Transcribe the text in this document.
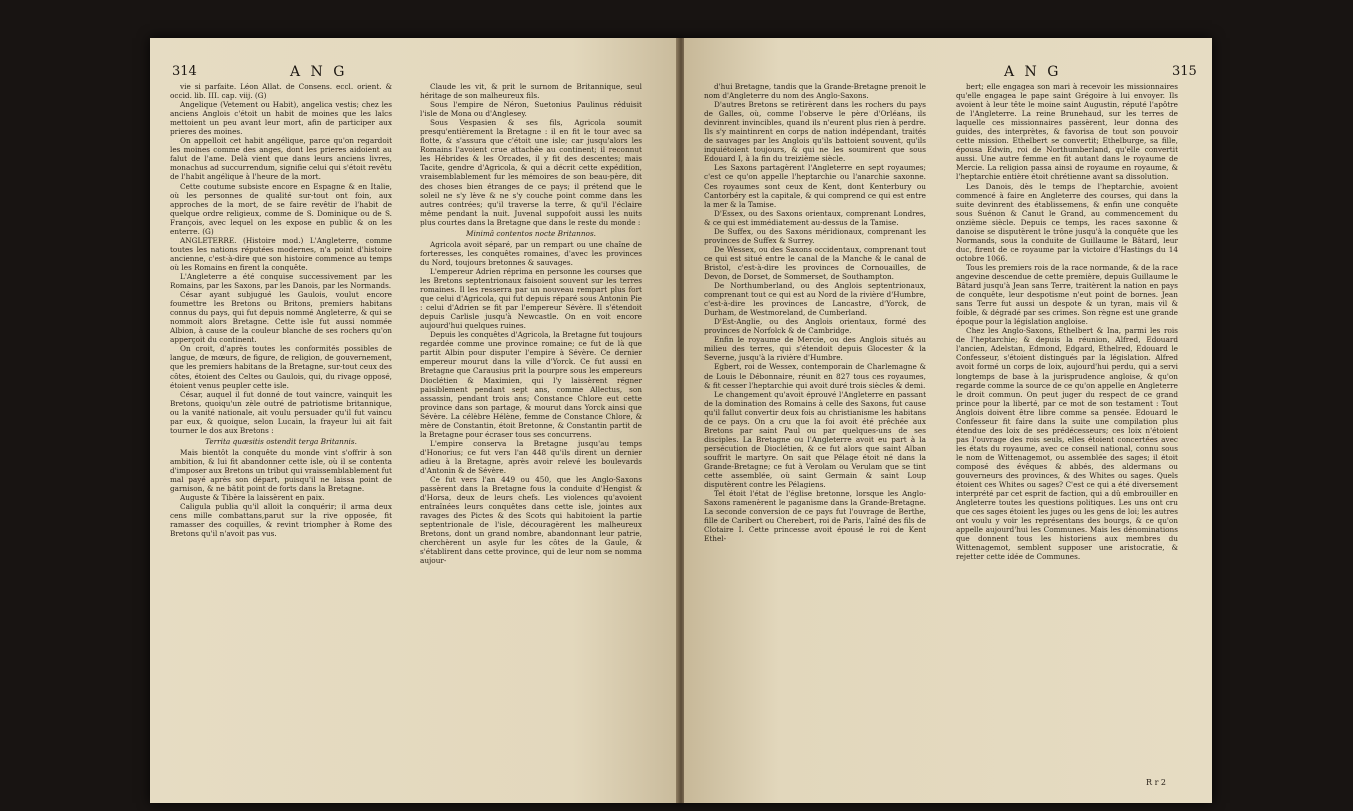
314	A N G

vie si parfaite. Léon Allat. de Consens. eccl. orient. & occid. lib. III. cap. viij. (G)

Angelique (Vetement ou Habit), angelica vestis; chez les anciens Anglois c'étoit un habit de moines que les laïcs mettoient un peu avant leur mort, afin de participer aux prieres des moines.

On appelloit cet habit angélique, parce qu'on regardoit les moines comme des anges, dont les prieres aidoient au falut de l'ame. Delà vient que dans leurs anciens livres, monachus ad succurrendum, signifie celui qui s'étoit revêtu de l'habit angélique à l'heure de la mort.

Cette coutume subsiste encore en Espagne & en Italie, où les personnes de qualité sur-tout ont foin, aux approches de la mort, de se faire revêtir de l'habit de quelque ordre religieux, comme de S. Dominique ou de S. François, avec lequel on les expose en public & on les enterre. (G)

ANGLETERRE. (Histoire mod.) L'Angleterre, comme toutes les nations réputées modernes, n'a point d'histoire ancienne, c'est-à-dire que son histoire commence au temps où les Romains en firent la conquête.

L'Angleterre a été conquise successivement par les Romains, par les Saxons, par les Danois, par les Normands.

César ayant subjugué les Gaulois, voulut encore foumettre les Bretons ou Britons, premiers habitans connus du pays, qui fut depuis nommé Angleterre, & qui se nommoit alors Bretagne. Cette isle fut aussi nommée Albion, à cause de la couleur blanche de ses rochers qu'on apperçoit du continent.

On croit, d'après toutes les conformités possibles de langue, de mœurs, de figure, de religion, de gouvernement, que les premiers habitans de la Bretagne, sur-tout ceux des côtes, étoient des Celtes ou Gaulois, qui, du rivage opposé, étoient venus peupler cette isle.

César, auquel il fut donné de tout vaincre, vainquit les Bretons, quoiqu'un zèle outré de patriotisme britannique, ou la vanité nationale, ait voulu persuader qu'il fut vaincu par eux, & quoique, selon Lucain, la frayeur lui ait fait tourner le dos aux Bretons :

Territa quæsitis ostendit terga Britannis.

Mais bientôt la conquête du monde vint s'offrir à son ambition, & lui fit abandonner cette isle, où il se contenta d'imposer aux Bretons un tribut qui vraissemblablement fut mal payé après son départ, puisqu'il ne laissa point de garnison, & ne bâtit point de forts dans la Bretagne.

Auguste & Tibère la laissèrent en paix.

Caligula publia qu'il alloit la conquérir; il arma deux cens mille combattans,parut sur la rive opposée, fit ramasser des coquilles, & revint triompher à Rome des Bretons qu'il n'avoit pas vus.

Claude les vit, & prit le surnom de Britannique, seul héritage de son malheureux fils.

Sous l'empire de Néron, Suetonius Paulinus réduisit l'isle de Mona ou d'Anglesey.

Sous Vespasien & ses fils, Agricola soumit presqu'entièrement la Bretagne : il en fit le tour avec sa flotte, & s'assura que c'étoit une isle; car jusqu'alors les Romains l'avoient crue attachée au continent; il reconnut les Hébrides & les Orcades, il y fit des descentes; mais Tacite, gendre d'Agricola, & qui a décrit cette expédition, vraisemblablement fur les mémoires de son beau-père, dit des choses bien étranges de ce pays; il prétend que le soleil ne s'y lève & ne s'y couche point comme dans les autres contrées; qu'il traverse la terre, & qu'il l'éclaire même pendant la nuit. Juvenal suppofoit aussi les nuits plus courtes dans la Bretagne que dans le reste du monde :

Minimâ contentos nocte Britannos.

Agricola avoit séparé, par un rempart ou une chaîne de forteresses, les conquêtes romaines, d'avec les provinces du Nord, toujours bretonnes & sauvages.

L'empereur Adrien réprima en personne les courses que les Bretons septentrionaux faisoient souvent sur les terres romaines. Il les resserra par un nouveau rempart plus fort que celui d'Agricola, qui fut depuis réparé sous Antonin Pie : celui d'Adrien se fit par l'empereur Sévère. Il s'étendoit depuis Carlisle jusqu'à Newcastle. On en voit encore aujourd'hui quelques ruines.

Depuis les conquêtes d'Agricola, la Bretagne fut toujours regardée comme une province romaine; ce fut de là que partit Albin pour disputer l'empire à Sévère. Ce dernier empereur mourut dans la ville d'Yorck. Ce fut aussi en Bretagne que Carausius prit la pourpre sous les empereurs Dioclétien & Maximien, qui l'y laissèrent régner paisiblement pendant sept ans, comme Allectus, son assassin, pendant trois ans; Constance Chlore eut cette province dans son partage, & mourut dans Yorck ainsi que Sévère. La célèbre Hélène, femme de Constance Chlore, & mère de Constantin, étoit Bretonne, & Constantin partit de la Bretagne pour écraser tous ses concurrens.

L'empire conserva la Bretagne jusqu'au temps d'Honorius; ce fut vers l'an 448 qu'ils dirent un dernier adieu à la Bretagne, après avoir relevé les boulevards d'Antonin & de Sévère.

Ce fut vers l'an 449 ou 450, que les Anglo-Saxons passèrent dans la Bretagne fous la conduite d'Hengist & d'Horsa, deux de leurs chefs. Les violences qu'avoient entraînées leurs conquêtes dans cette isle, jointes aux ravages des Pictes & des Scots qui habitoient la partie septentrionale de l'isle, découragèrent les malheureux Bretons, dont un grand nombre, abandonnant leur patrie, cherchèrent un asyle fur les côtes de la Gaule, & s'établirent dans cette province, qui de leur nom se nomma aujour-

A N G	315

d'hui Bretagne, tandis que la Grande-Bretagne prenoit le nom d'Angleterre du nom des Anglo-Saxons.

D'autres Bretons se retirèrent dans les rochers du pays de Galles, où, comme l'observe le père d'Orléans, ils devinrent invincibles, quand ils n'eurent plus rien à perdre. Ils s'y maintinrent en corps de nation indépendant, traités de sauvages par les Anglois qu'ils battoient souvent, qu'ils inquiétoient toujours, & qui ne les soumirent que sous Edouard I, à la fin du treizième siècle.

Les Saxons partagèrent l'Angleterre en sept royaumes; c'est ce qu'on appelle l'heptarchie ou l'anarchie saxonne. Ces royaumes sont ceux de Kent, dont Kenterbury ou Cantorbéry est la capitale, & qui comprend ce qui est entre la mer & la Tamise.

D'Essex, ou des Saxons orientaux, comprenant Londres, & ce qui est immédiatement au-dessus de la Tamise.

De Suffex, ou des Saxons méridionaux, comprenant les provinces de Suffex & Surrey.

De Wessex, ou des Saxons occidentaux, comprenant tout ce qui est situé entre le canal de la Manche & le canal de Bristol, c'est-à-dire les provinces de Cornouailles, de Devon, de Dorset, de Sommerset, de Southampton.

De Northumberland, ou des Anglois septentrionaux, comprenant tout ce qui est au Nord de la rivière d'Humbre, c'est-à-dire les provinces de Lancastre, d'Yorck, de Durham, de Westmoreland, de Cumberland.

D'Est-Anglie, ou des Anglois orientaux, formé des provinces de Norfolck & de Cambridge.

Enfin le royaume de Mercie, ou des Anglois situés au milieu des terres, qui s'étendoit depuis Glocester & la Severne, jusqu'à la rivière d'Humbre.

Egbert, roi de Wessex, contemporain de Charlemagne & de Louis le Débonnaire, réunit en 827 tous ces royaumes, & fit cesser l'heptarchie qui avoit duré trois siècles & demi.

Le changement qu'avoit éprouvé l'Angleterre en passant de la domination des Romains à celle des Saxons, fut cause qu'il fallut convertir deux fois au christianisme les habitans de ce pays. On a cru que la foi avoit été prêchée aux Bretons par saint Paul ou par quelques-uns de ses disciples. La Bretagne ou l'Angleterre avoit eu part à la persécution de Dioclétien, & ce fut alors que saint Alban souffrit le martyre. On sait que Pélage étoit né dans la Grande-Bretagne; ce fut à Verolam ou Verulam que se tint cette assemblée, où saint Germain & saint Loup disputèrent contre les Pélagiens.

Tel étoit l'état de l'église bretonne, lorsque les Anglo-Saxons ramenèrent le paganisme dans la Grande-Bretagne. La seconde conversion de ce pays fut l'ouvrage de Berthe, fille de Caribert ou Cherebert, roi de Paris, l'aîné des fils de Clotaire I. Cette princesse avoit épousé le roi de Kent Ethel-

bert; elle engagea son mari à recevoir les missionnaires qu'elle engagea le pape saint Grégoire à lui envoyer. Ils avoient à leur tête le moine saint Augustin, réputé l'apôtre de l'Angleterre. La reine Brunehaud, sur les terres de laquelle ces missionnaires passèrent, leur donna des guides, des interprètes, & favorisa de tout son pouvoir cette mission. Ethelbert se convertit; Ethelburge, sa fille, épousa Edwin, roi de Northumberland, qu'elle convertit aussi. Une autre femme en fit autant dans le royaume de Mercie. La religion passa ainsi de royaume en royaume, & l'heptarchie entière étoit chrétienne avant sa dissolution.

Les Danois, dès le temps de l'heptarchie, avoient commencé à faire en Angleterre des courses, qui dans la suite devinrent des établissemens, & enfin une conquête sous Suénon & Canut le Grand, au commencement du onzième siècle. Depuis ce temps, les races saxonne & danoise se disputèrent le trône jusqu'à la conquête que les Normands, sous la conduite de Guillaume le Bâtard, leur duc, firent de ce royaume par la victoire d'Hastings du 14 octobre 1066.

Tous les premiers rois de la race normande, & de la race angevine descendue de cette première, depuis Guillaume le Bâtard jusqu'à Jean sans Terre, traitèrent la nation en pays de conquête, leur despotisme n'eut point de bornes. Jean sans Terre fut aussi un despote & un tyran, mais vil & foible, & dégradé par ses crimes. Son règne est une grande époque pour la législation angloise.

Chez les Anglo-Saxons, Ethelbert & Ina, parmi les rois de l'heptarchie; & depuis la réunion, Alfred, Edouard l'ancien, Adelstan, Edmond, Edgard, Ethelred, Edouard le Confesseur, s'étoient distingués par la législation. Alfred avoit formé un corps de loix, aujourd'hui perdu, qui a servi longtemps de base à la jurisprudence angloise, & qu'on regarde comme la source de ce qu'on appelle en Angleterre le droit commun. On peut juger du respect de ce grand prince pour la liberté, par ce mot de son testament : Tout Anglois doivent être libre comme sa pensée. Edouard le Confesseur fit faire dans la suite une compilation plus étendue des loix de ses prédécesseurs; ces loix n'étoient pas l'ouvrage des rois seuls, elles étoient concertées avec les états du royaume, avec ce conseil national, connu sous le nom de Wittenagemot, ou assemblée des sages; il étoit composé des évêques & abbés, des aldermans ou gouverneurs des provinces, & des Whites ou sages. Quels étoient ces Whites ou sages? C'est ce qui a été diversement interprété par cet esprit de faction, qui a dû embrouiller en Angleterre toutes les questions politiques. Les uns ont cru que ces sages étoient les juges ou les gens de loi; les autres ont voulu y voir les représentans des bourgs, & ce qu'on appelle aujourd'hui les Communes. Mais les dénominations que donnent tous les historiens aux membres du Wittenagemot, semblent supposer une aristocratie, & rejetter cette idée de Communes.

R r 2
